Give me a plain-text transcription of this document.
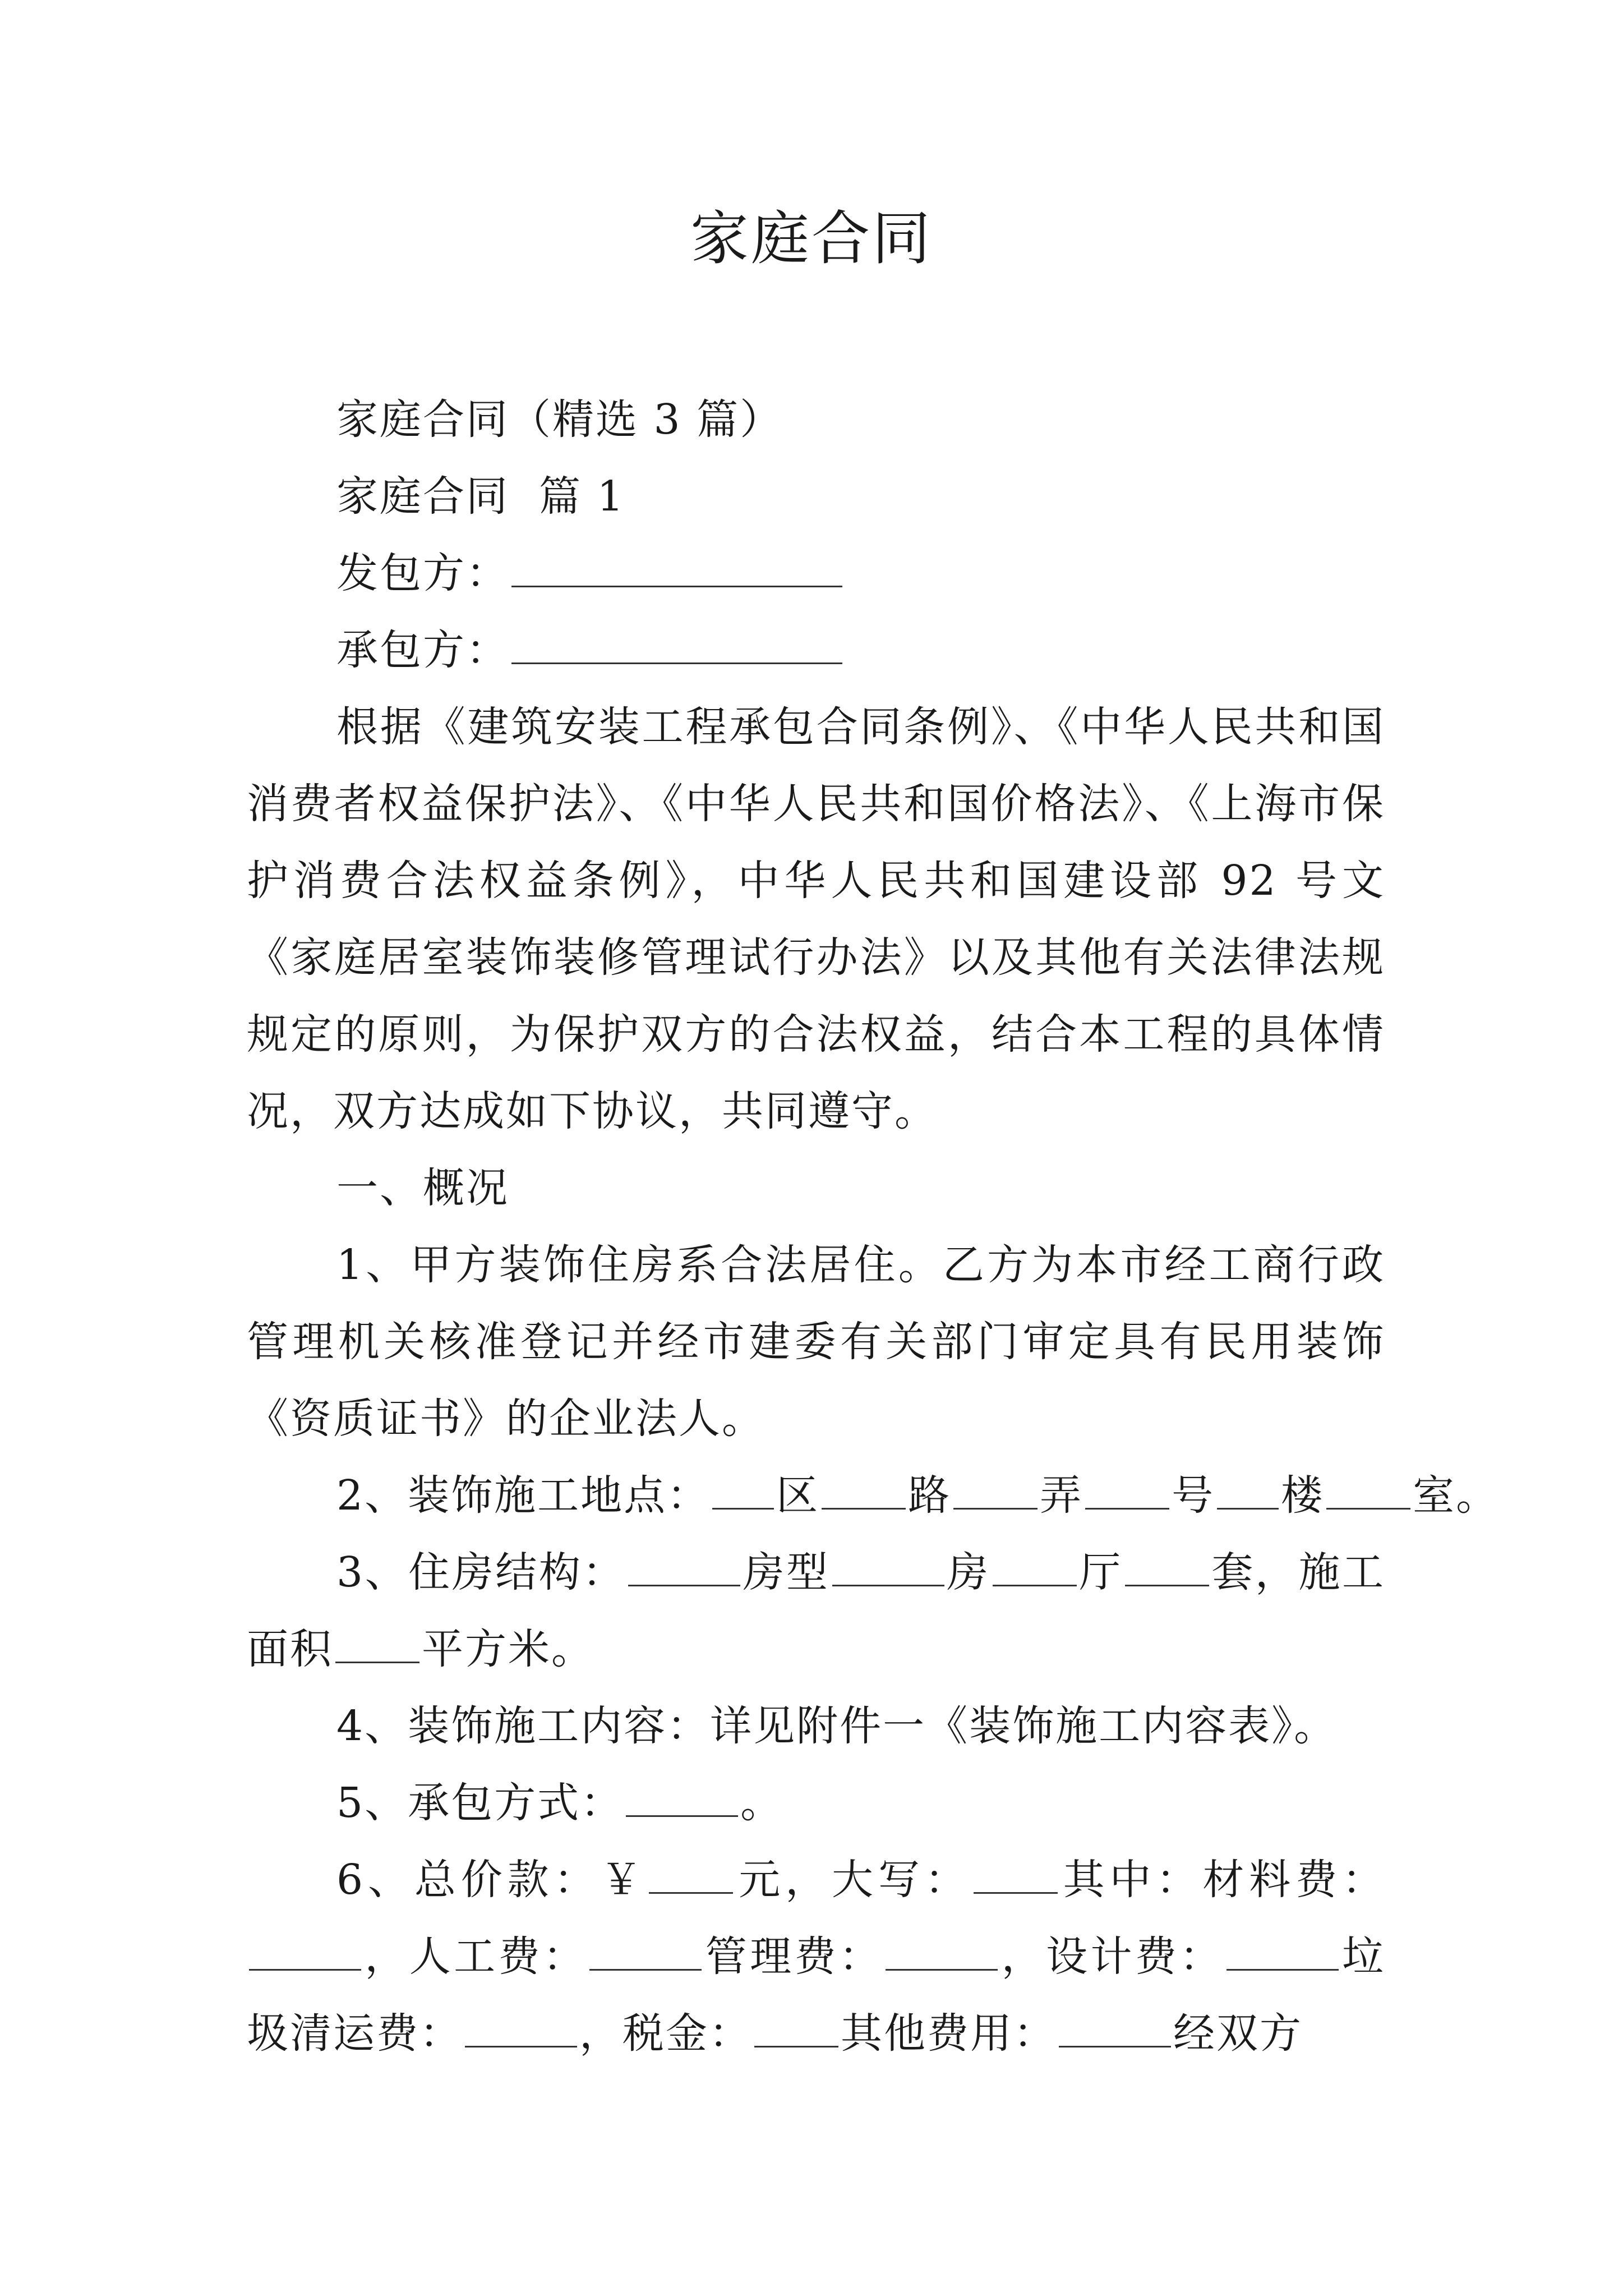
家庭合同

家庭合同（精选 3 篇）

家庭合同  篇 1

发包方：

承包方：

根据《建筑安装工程承包合同条例》、《中华人民共和国消费者权益保护法》、《中华人民共和国价格法》、《上海市保护消费合法权益条例》，中华人民共和国建设部 92 号文《家庭居室装饰装修管理试行办法》以及其他有关法律法规规定的原则，为保护双方的合法权益，结合本工程的具体情况，双方达成如下协议，共同遵守。

一、概况

1、甲方装饰住房系合法居住。乙方为本市经工商行政管理机关核准登记并经市建委有关部门审定具有民用装饰《资质证书》的企业法人。

2、装饰施工地点： 区 路 弄 号 楼 室。

3、住房结构：	房型	房 厅 套，施工面积 平方米。

4、装饰施工内容：详见附件一《装饰施工内容表》。

5、承包方式：	。

6、总价款：￥ 元，大写： 其中：材料费：，人工费：	管理费：	，设计费：	垃圾清运费：	，税金： 其他费用：	经双方
